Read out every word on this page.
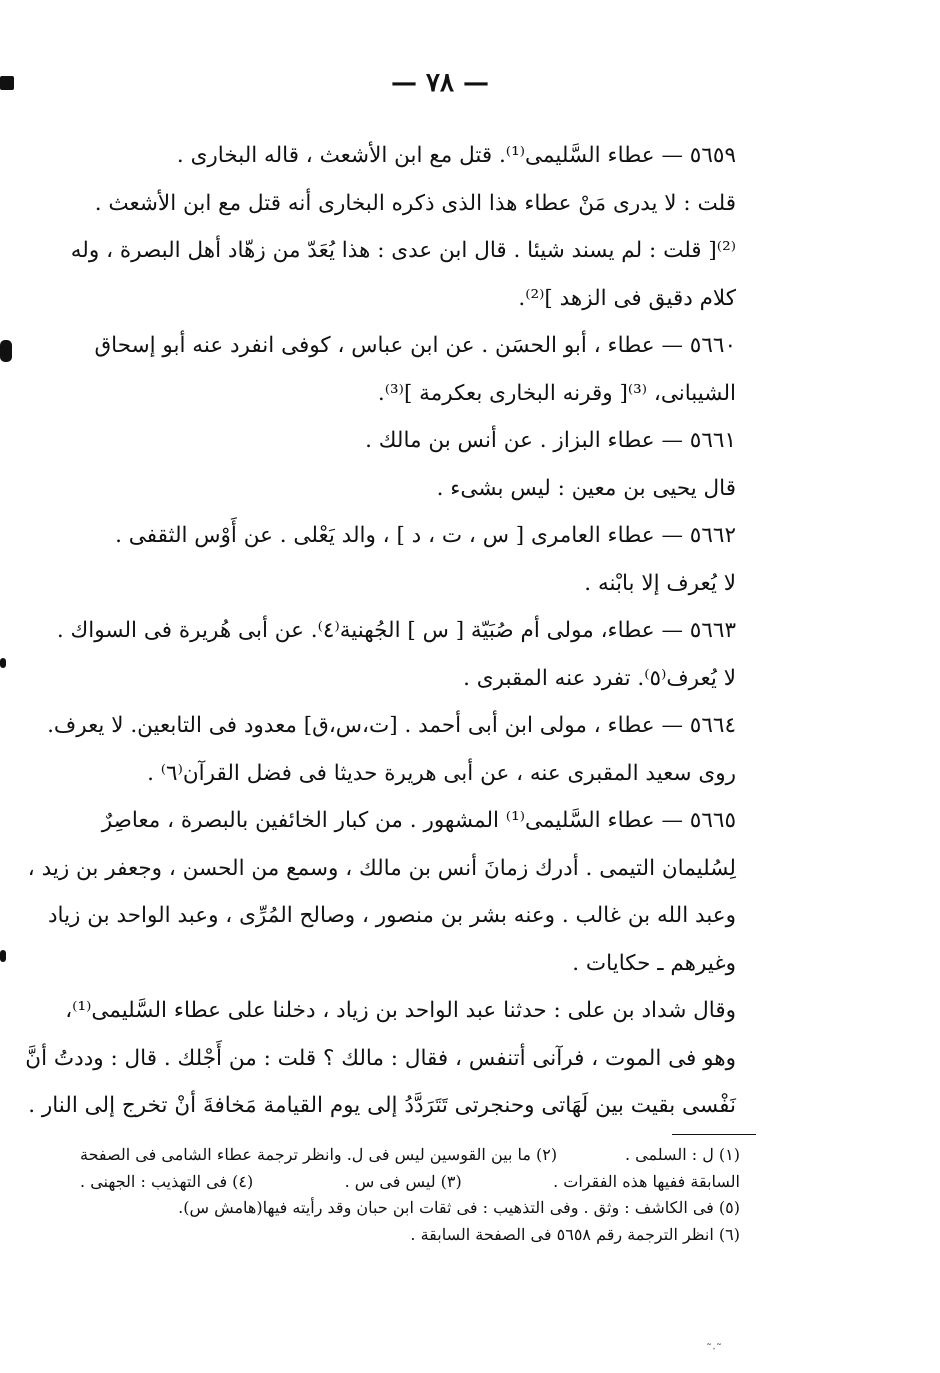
˜ˑ˜
— ٧٨ —
٥٦٥٩ — عطاء السَّليمى⁽¹⁾. قتل مع ابن الأشعث ، قاله البخارى .
قلت : لا يدرى مَنْ عطاء هذا الذى ذكره البخارى أنه قتل مع ابن الأشعث .
⁽²⁾[ قلت : لم يسند شيئا . قال ابن عدى : هذا يُعَدّ من زهّاد أهل البصرة ، وله
كلام دقيق فى الزهد ]⁽²⁾.
٥٦٦٠ — عطاء ، أبو الحسَن . عن ابن عباس ، كوفى انفرد عنه أبو إسحاق
الشيبانى، ⁽³⁾[ وقرنه البخارى بعكرمة ]⁽³⁾.
٥٦٦١ — عطاء البزاز . عن أنس بن مالك .
قال يحيى بن معين : ليس بشىء .
٥٦٦٢ — عطاء العامرى [ س ، ت ، د ] ، والد يَعْلى . عن أَوْس الثقفى .
لا يُعرف إلا بابْنه .
٥٦٦٣ — عطاء، مولى أم صُبَيّة [ س ] الجُهنية⁽٤⁾. عن أبى هُريرة فى السواك .
لا يُعرف⁽٥⁾. تفرد عنه المقبرى .
٥٦٦٤ — عطاء ، مولى ابن أبى أحمد . [ت،س،ق] معدود فى التابعين. لا يعرف.
روى سعيد المقبرى عنه ، عن أبى هريرة حديثا فى فضل القرآن⁽٦⁾ .
٥٦٦٥ — عطاء السَّليمى⁽¹⁾ المشهور . من كبار الخائفين بالبصرة ، معاصِرٌ
لِسُليمان التيمى . أدرك زمانَ أنس بن مالك ، وسمع من الحسن ، وجعفر بن زيد ،
وعبد الله بن غالب . وعنه بشر بن منصور ، وصالح المُرِّى ، وعبد الواحد بن زياد
وغيرهم ـ حكايات .
وقال شداد بن على : حدثنا عبد الواحد بن زياد ، دخلنا على عطاء السَّليمى⁽¹⁾،
وهو فى الموت ، فرآنى أتنفس ، فقال : مالك ؟ قلت : من أَجْلك . قال : وددتُ أنَّ
نَفْسى بقيت بين لَهَاتى وحنجرتى تَتَرَدَّدُ إلى يوم القيامة مَخافةَ أنْ تخرج إلى النار .
(١) ل : السلمى .
(٢) ما بين القوسين ليس فى ل. وانظر ترجمة عطاء الشامى فى الصفحة
السابقة ففيها هذه الفقرات .
(٣) ليس فى س .
(٤) فى التهذيب : الجهنى .
(٥) فى الكاشف : وثق . وفى التذهيب : فى ثقات ابن حبان وقد رأيته فيها(هامش س).
(٦) انظر الترجمة رقم ٥٦٥٨ فى الصفحة السابقة .
